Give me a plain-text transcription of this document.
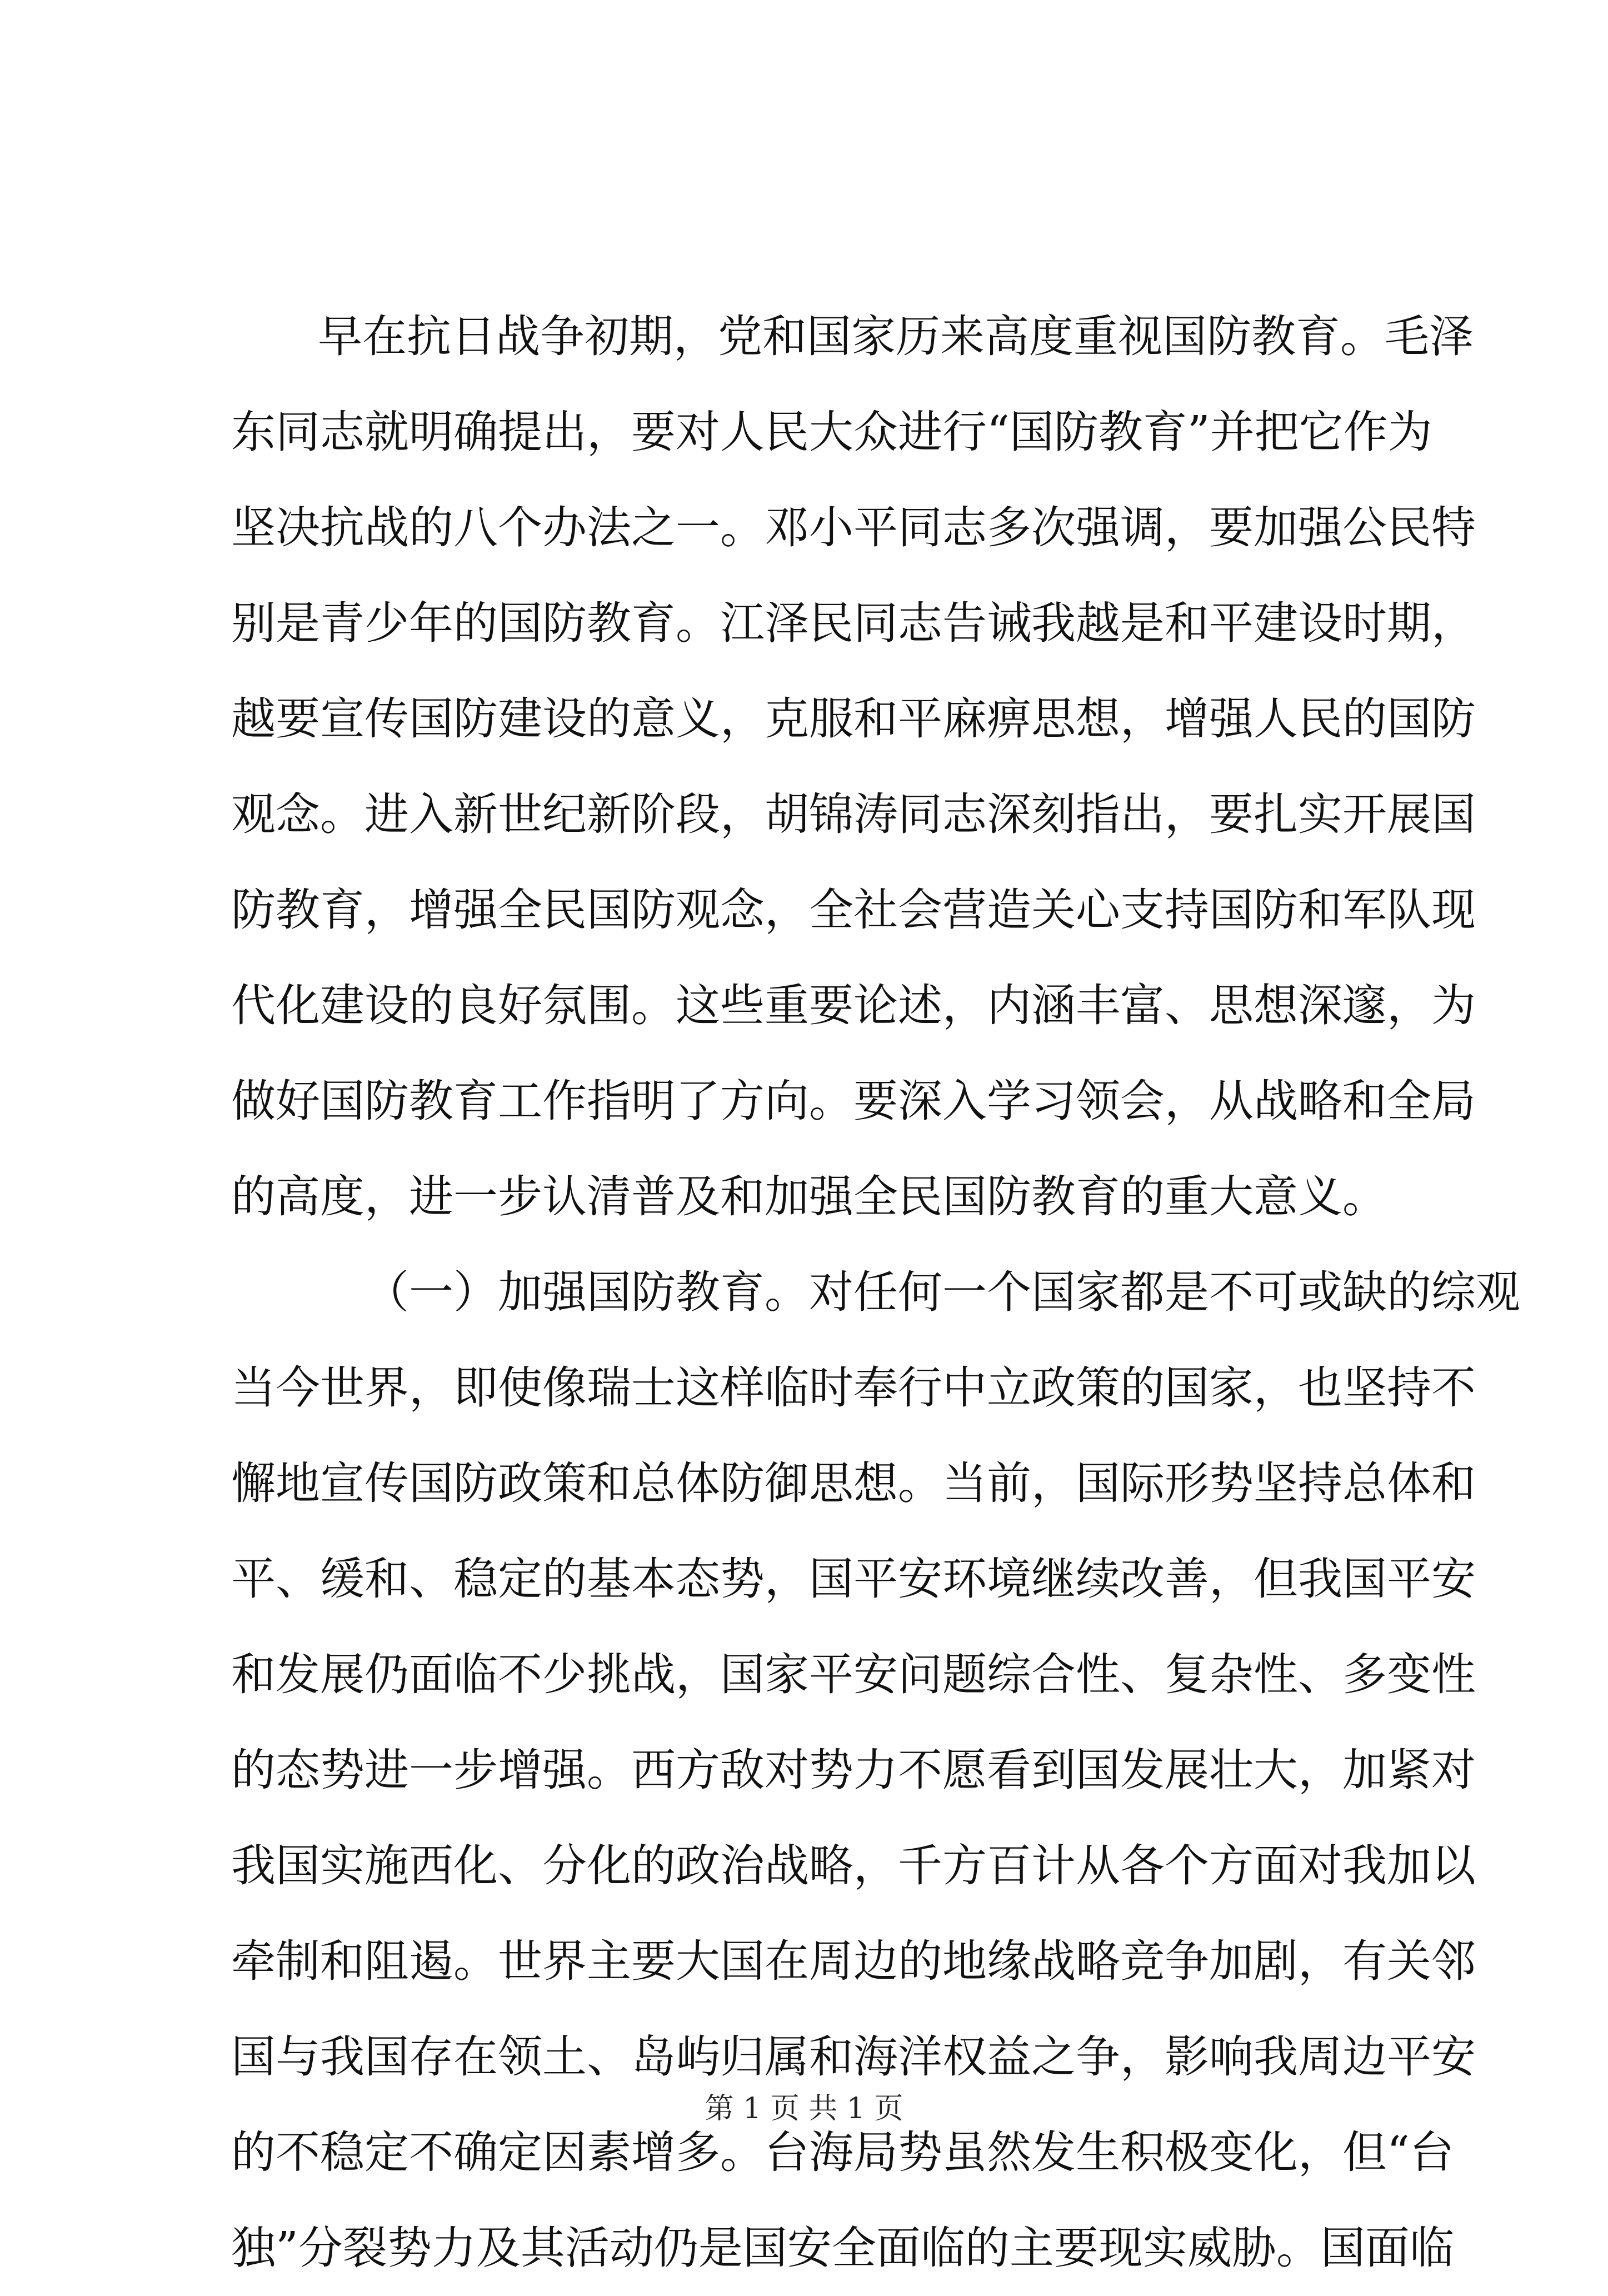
早在抗日战争初期，党和国家历来高度重视国防教育。毛泽
东同志就明确提出，要对人民大众进行“国防教育”并把它作为
坚决抗战的八个办法之一。邓小平同志多次强调，要加强公民特
别是青少年的国防教育。江泽民同志告诫我越是和平建设时期，
越要宣传国防建设的意义，克服和平麻痹思想，增强人民的国防
观念。进入新世纪新阶段，胡锦涛同志深刻指出，要扎实开展国
防教育，增强全民国防观念，全社会营造关心支持国防和军队现
代化建设的良好氛围。这些重要论述，内涵丰富、思想深邃，为
做好国防教育工作指明了方向。要深入学习领会，从战略和全局
的高度，进一步认清普及和加强全民国防教育的重大意义。
（一）加强国防教育。对任何一个国家都是不可或缺的综观
当今世界，即使像瑞士这样临时奉行中立政策的国家，也坚持不
懈地宣传国防政策和总体防御思想。当前，国际形势坚持总体和
平、缓和、稳定的基本态势，国平安环境继续改善，但我国平安
和发展仍面临不少挑战，国家平安问题综合性、复杂性、多变性
的态势进一步增强。西方敌对势力不愿看到国发展壮大，加紧对
我国实施西化、分化的政治战略，千方百计从各个方面对我加以
牵制和阻遏。世界主要大国在周边的地缘战略竞争加剧，有关邻
国与我国存在领土、岛屿归属和海洋权益之争，影响我周边平安
的不稳定不确定因素增多。台海局势虽然发生积极变化，但“台
独”分裂势力及其活动仍是国安全面临的主要现实威胁。国面临
第 1 页 共 1 页
